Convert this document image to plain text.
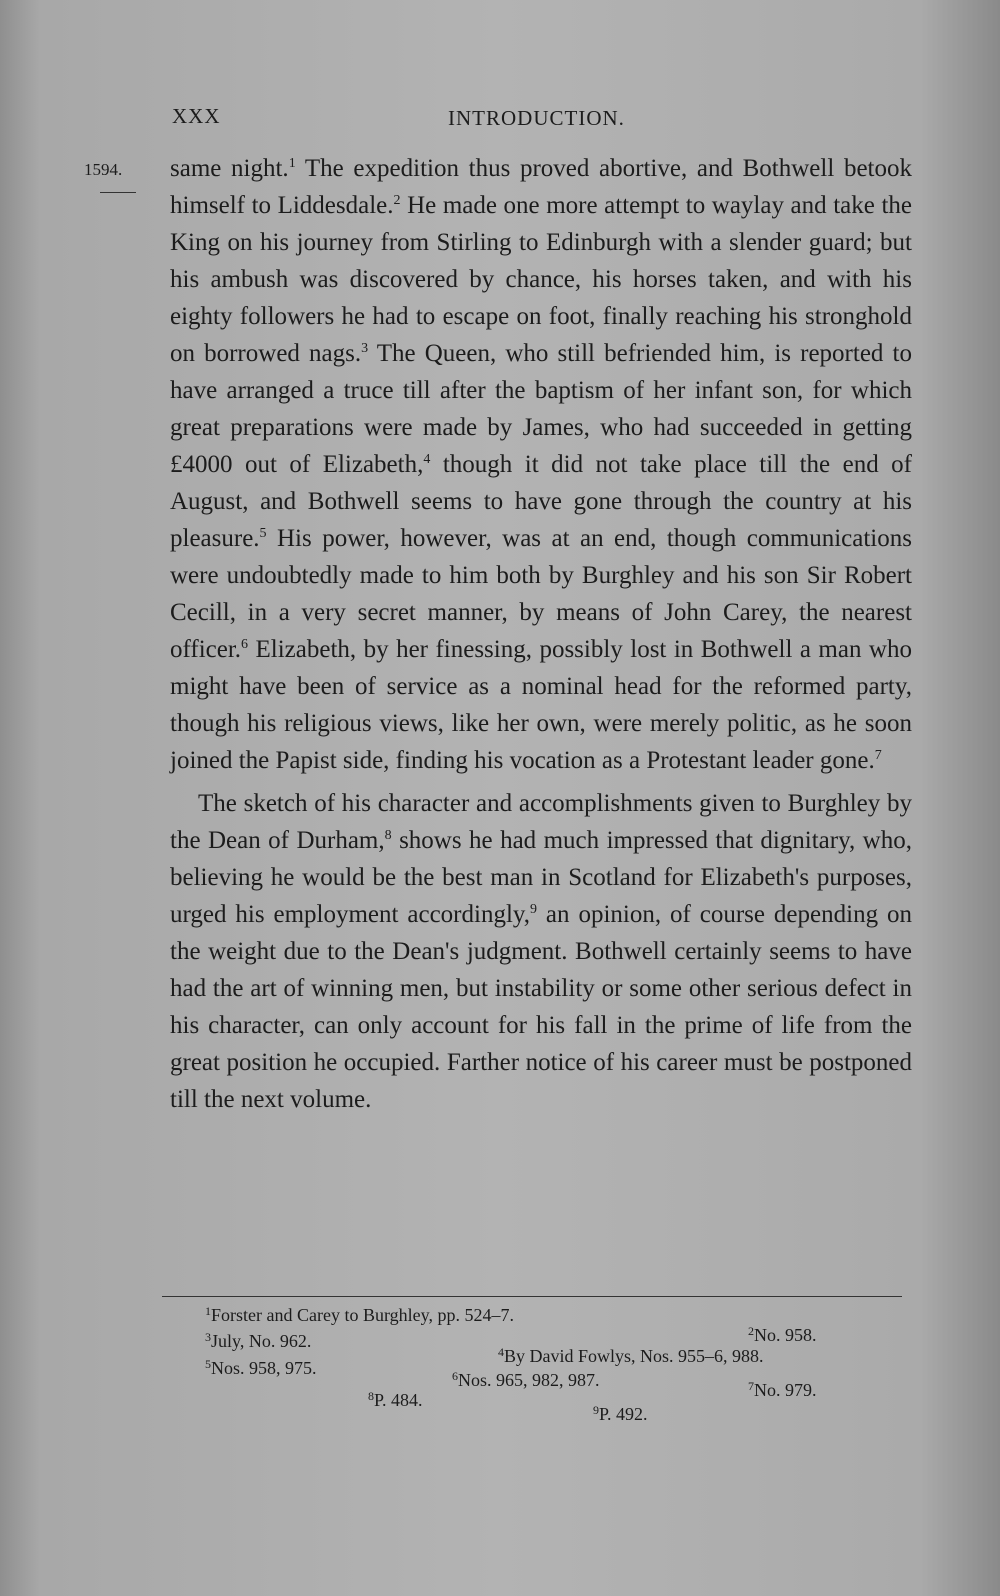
XXX	INTRODUCTION.
1594. same night.$^1$ The expedition thus proved abortive, and Bothwell betook himself to Liddesdale.$^2$ He made one more attempt to waylay and take the King on his journey from Stirling to Edinburgh with a slender guard; but his ambush was discovered by chance, his horses taken, and with his eighty followers he had to escape on foot, finally reaching his stronghold on borrowed nags.$^3$ The Queen, who still befriended him, is reported to have arranged a truce till after the baptism of her infant son, for which great preparations were made by James, who had succeeded in getting £4000 out of Elizabeth,$^4$ though it did not take place till the end of August, and Bothwell seems to have gone through the country at his pleasure.$^5$ His power, however, was at an end, though communications were undoubtedly made to him both by Burghley and his son Sir Robert Cecill, in a very secret manner, by means of John Carey, the nearest officer.$^6$ Elizabeth, by her finessing, possibly lost in Bothwell a man who might have been of service as a nominal head for the reformed party, though his religious views, like her own, were merely politic, as he soon joined the Papist side, finding his vocation as a Protestant leader gone.$^7$

The sketch of his character and accomplishments given to Burghley by the Dean of Durham,$^8$ shows he had much impressed that dignitary, who, believing he would be the best man in Scotland for Elizabeth's purposes, urged his employment accordingly,$^9$ an opinion, of course depending on the weight due to the Dean's judgment. Bothwell certainly seems to have had the art of winning men, but instability or some other serious defect in his character, can only account for his fall in the prime of life from the great position he occupied. Farther notice of his career must be postponed till the next volume.

$^1$Forster and Carey to Burghley, pp. 524–7.
$^2$No. 958.
$^3$July, No. 962.
$^4$By David Fowlys, Nos. 955–6, 988.
$^5$Nos. 958, 975.	$^6$Nos. 965, 982, 987.	$^7$No. 979.
$^8$P. 484.	$^9$P. 492.
